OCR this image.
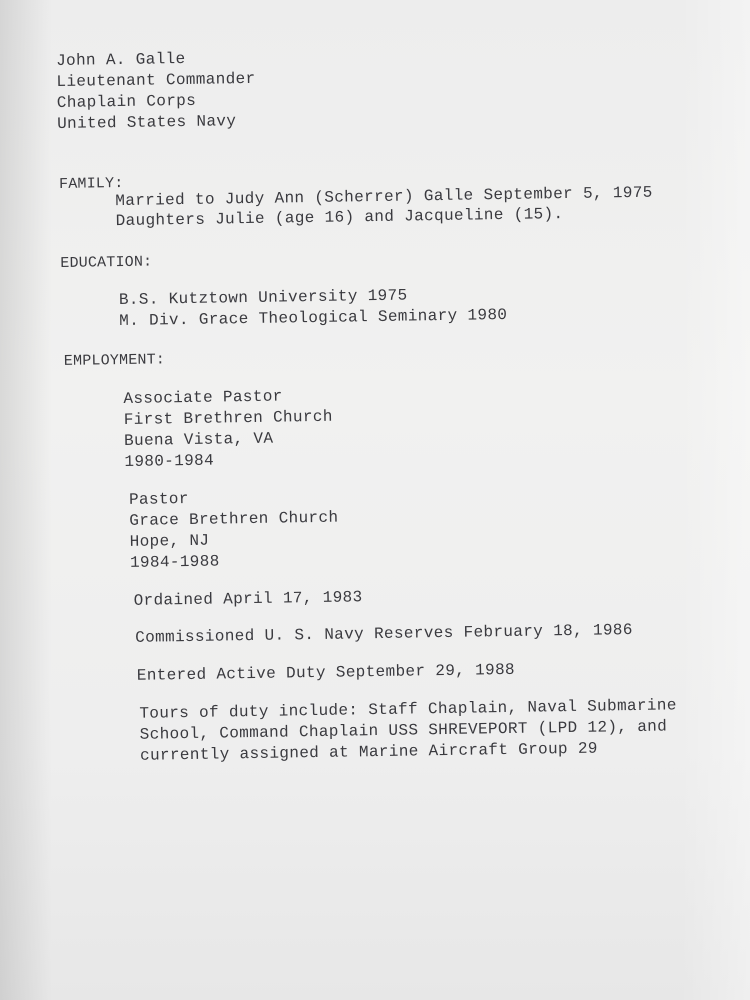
John A. Galle
Lieutenant Commander
Chaplain Corps
United States Navy
FAMILY:
Married to Judy Ann (Scherrer) Galle September 5, 1975
Daughters Julie (age 16) and Jacqueline (15).
EDUCATION:
B.S. Kutztown University 1975
M. Div. Grace Theological Seminary 1980
EMPLOYMENT:
Associate Pastor
First Brethren Church
Buena Vista, VA
1980-1984
Pastor
Grace Brethren Church
Hope, NJ
1984-1988
Ordained April 17, 1983
Commissioned U. S. Navy Reserves February 18, 1986
Entered Active Duty September 29, 1988
Tours of duty include: Staff Chaplain, Naval Submarine
School, Command Chaplain USS SHREVEPORT (LPD 12), and
currently assigned at Marine Aircraft Group 29
